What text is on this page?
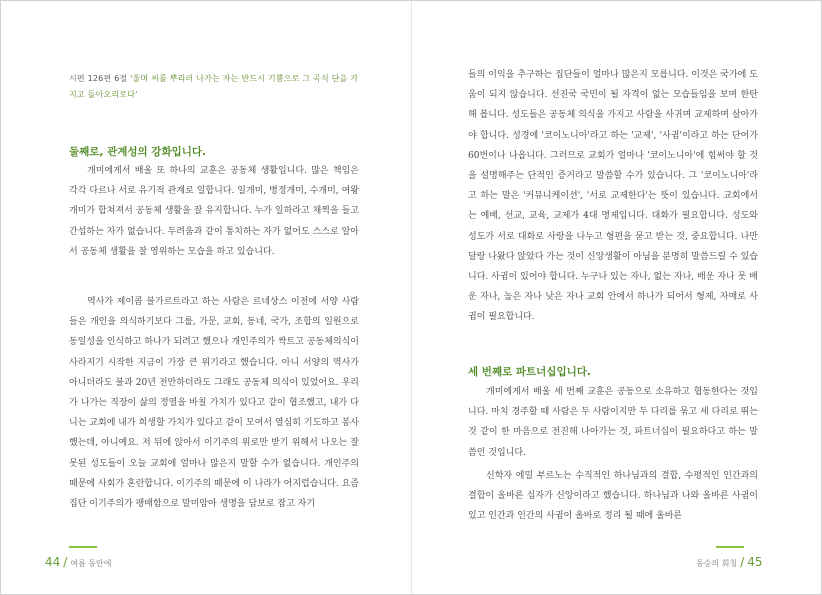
시편 126편 6절 '울며 씨를 뿌리러 나가는 자는 반드시 기쁨으로 그 곡식 단을 가지고 돌아오리로다'
둘째로, 관계성의 강화입니다.
개미에게서 배울 또 하나의 교훈은 공동체 생활입니다. 많은 책임은 각각 다르나 서로 유기적 관계로 일합니다. 일개미, 병정개미, 수개미, 여왕개미가 합쳐져서 공동체 생활을 잘 유지합니다. 누가 일하라고 채찍을 들고 간섭하는 자가 없습니다. 두려움과 같이 통치하는 자가 없어도 스스로 알아서 공동체 생활을 잘 영위하는 모습을 하고 있습니다.
역사가 제이콥 블가르트라고 하는 사람은 르네상스 이전에 서양 사람들은 개인을 의식하기보다 그룹, 가문, 교회, 동네, 국가, 조합의 일원으로 동일성을 인식하고 하나가 되려고 했으나 개인주의가 싹트고 공동체의식이 사라지기 시작한 지금이 가장 큰 위기라고 했습니다. 아니 서양의 역사가 아니더라도 불과 20년 전만하더라도 그래도 공동체 의식이 있었어요. 우리가 나가는 직장이 삶의 정열을 바칠 가치가 있다고 같이 협조했고, 내가 다니는 교회에 내가 희생할 가치가 있다고 같이 모여서 열심히 기도하고 봉사했는데, 아니예요. 저 뒤에 앉아서 이기주의 위로만 받기 위해서 나오는 잘못된 성도들이 오늘 교회에 얼마나 많은지 말할 수가 없습니다. 개인주의 때문에 사회가 혼란합니다. 이기주의 때문에 이 나라가 어지럽습니다. 요즘 집단 이기주의가 팽배함으로 말미암아 생명을 담보로 잡고 자기
44 / 여름 동안에
들의 이익을 추구하는 집단들이 얼마나 많은지 모릅니다. 이것은 국가에 도움이 되지 않습니다. 선진국 국민이 될 자격이 없는 모습들임을 보며 한탄해 봅니다. 성도들은 공동체 의식을 가지고 사람을 사귀며 교제하며 살아가야 합니다. 성경에 '코이노니아'라고 하는 '교제', '사귐'이라고 하는 단어가 60번이나 나옵니다. 그러므로 교회가 얼마나 '코이노니아'에 힘써야 할 것을 설명해주는 단적인 증거라고 말씀할 수가 있습니다. 그 '코이노니아'라고 하는 말은 '커뮤니케이션', '서로 교제한다'는 뜻이 있습니다. 교회에서는 예배, 선교, 교육, 교제가 4대 명제입니다. 대화가 필요합니다. 성도와 성도가 서로 대화로 사랑을 나누고 형편을 묻고 받는 것, 중요합니다. 나만 달랑 나왔다 앉았다 가는 것이 신앙생활이 아님을 분명히 말씀드릴 수 있습니다. 사귐이 있어야 합니다. 누구나 있는 자나, 없는 자나, 배운 자나 못 배운 자나, 높은 자나 낮은 자나 교회 안에서 하나가 되어서 형제, 자매로 사귐이 필요합니다.
세 번째로 파트너십입니다.
개미에게서 배울 세 번째 교훈은 공동으로 소유하고 협동한다는 것입니다. 마치 경주할 때 사람은 두 사람이지만 두 다리를 묶고 세 다리로 뛰는 것 같이 한 마음으로 전진해 나아가는 것, 파트너십이 필요하다고 하는 말씀인 것입니다.
신학자 에밀 부르노는 수직적인 하나님과의 결합, 수평적인 인간과의 결합이 올바른 십자가 신앙이라고 했습니다. 하나님과 나와 올바른 사귐이 있고 인간과 인간의 사귐이 올바로 정리 될 때에 올바른
동승의 회칭 / 45
